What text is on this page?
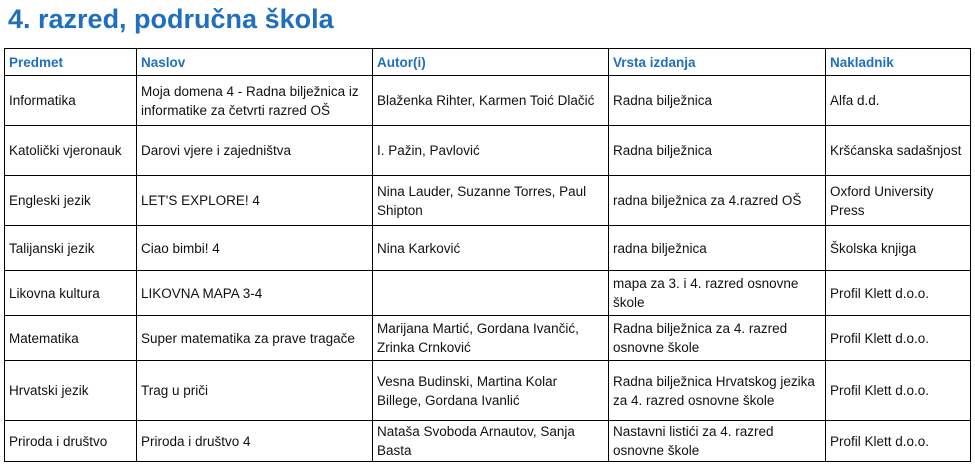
4. razred, područna škola
Predmet	Naslov	Autor(i)	Vrsta izdanja	Nakladnik
Informatika	Moja domena 4 - Radna bilježnica iz informatike za četvrti razred OŠ	Blaženka Rihter, Karmen Toić Dlačić	Radna bilježnica	Alfa d.d.
Katolički vjeronauk	Darovi vjere i zajedništva	I. Pažin, Pavlović	Radna bilježnica	Kršćanska sadašnjost
Engleski jezik	LET'S EXPLORE! 4	Nina Lauder, Suzanne Torres, Paul Shipton	radna bilježnica za 4.razred OŠ	Oxford University Press
Talijanski jezik	Ciao bimbi! 4	Nina Karković	radna bilježnica	Školska knjiga
Likovna kultura	LIKOVNA MAPA 3-4		mapa za 3. i 4. razred osnovne škole	Profil Klett d.o.o.
Matematika	Super matematika za prave tragače	Marijana Martić, Gordana Ivančić, Zrinka Crnković	Radna bilježnica za 4. razred osnovne škole	Profil Klett d.o.o.
Hrvatski jezik	Trag u priči	Vesna Budinski, Martina Kolar Billege, Gordana Ivanlić	Radna bilježnica Hrvatskog jezika za 4. razred osnovne škole	Profil Klett d.o.o.
Priroda i društvo	Priroda i društvo 4	Nataša Svoboda Arnautov, Sanja Basta	Nastavni listići za 4. razred osnovne škole	Profil Klett d.o.o.
